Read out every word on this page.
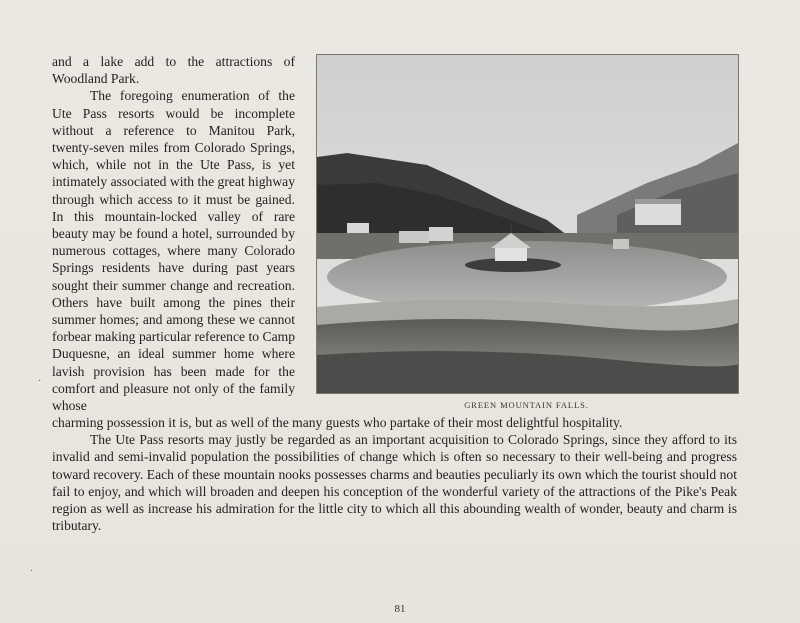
and a lake add to the attractions of Woodland Park.

The foregoing enumeration of the Ute Pass resorts would be incomplete without a reference to Manitou Park, twenty-seven miles from Colorado Springs, which, while not in the Ute Pass, is yet intimately associated with the great highway through which access to it must be gained. In this mountain-locked valley of rare beauty may be found a hotel, surrounded by numerous cottages, where many Colorado Springs residents have during past years sought their summer change and recreation. Others have built among the pines their summer homes; and among these we cannot forbear making particular reference to Camp Duquesne, an ideal summer home where lavish provision has been made for the comfort and pleasure not only of the family whose	GREEN MOUNTAIN FALLS.

charming possession it is, but as well of the many guests who partake of their most delightful hospitality.

The Ute Pass resorts may justly be regarded as an important acquisition to Colorado Springs, since they afford to its invalid and semi-invalid population the possibilities of change which is often so necessary to their well-being and progress toward recovery. Each of these mountain nooks possesses charms and beauties peculiarly its own which the tourist should not fail to enjoy, and which will broaden and deepen his conception of the wonderful variety of the attractions of the Pike's Peak region as well as increase his admiration for the little city to which all this abounding wealth of wonder, beauty and charm is tributary.

81
·
·
